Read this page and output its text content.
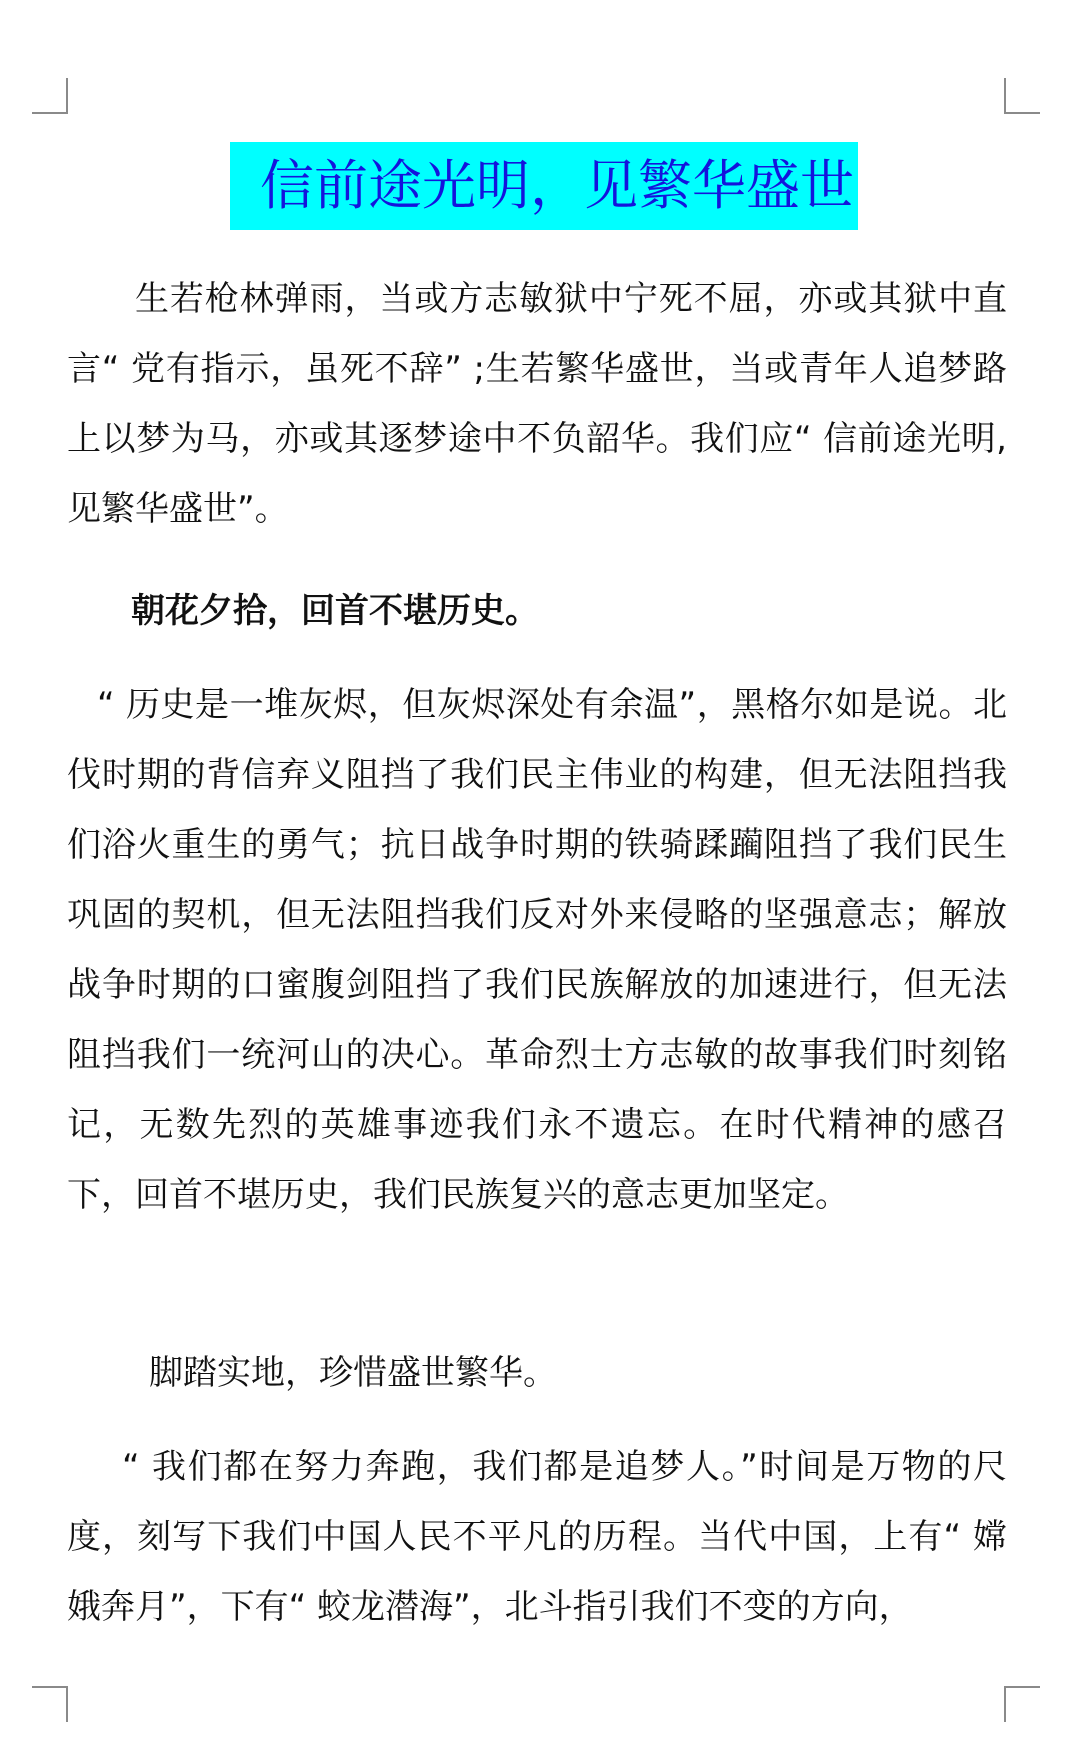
信前途光明，见繁华盛世

生若枪林弹雨，当或方志敏狱中宁死不屈，亦或其狱中直言“ 党有指示，虽死不辞” ;生若繁华盛世，当或青年人追梦路上以梦为马，亦或其逐梦途中不负韶华。我们应“ 信前途光明,见繁华盛世”。

朝花夕拾，回首不堪历史。

“ 历史是一堆灰烬，但灰烬深处有余温”，黑格尔如是说。北伐时期的背信弃义阻挡了我们民主伟业的构建，但无法阻挡我们浴火重生的勇气；抗日战争时期的铁骑蹂躏阻挡了我们民生巩固的契机，但无法阻挡我们反对外来侵略的坚强意志；解放战争时期的口蜜腹剑阻挡了我们民族解放的加速进行，但无法阻挡我们一统河山的决心。革命烈士方志敏的故事我们时刻铭记，无数先烈的英雄事迹我们永不遗忘。在时代精神的感召下，回首不堪历史，我们民族复兴的意志更加坚定。

脚踏实地，珍惜盛世繁华。

“ 我们都在努力奔跑，我们都是追梦人。”时间是万物的尺度，刻写下我们中国人民不平凡的历程。当代中国，上有“ 嫦娥奔月”，下有“ 蛟龙潜海”，北斗指引我们不变的方向，
